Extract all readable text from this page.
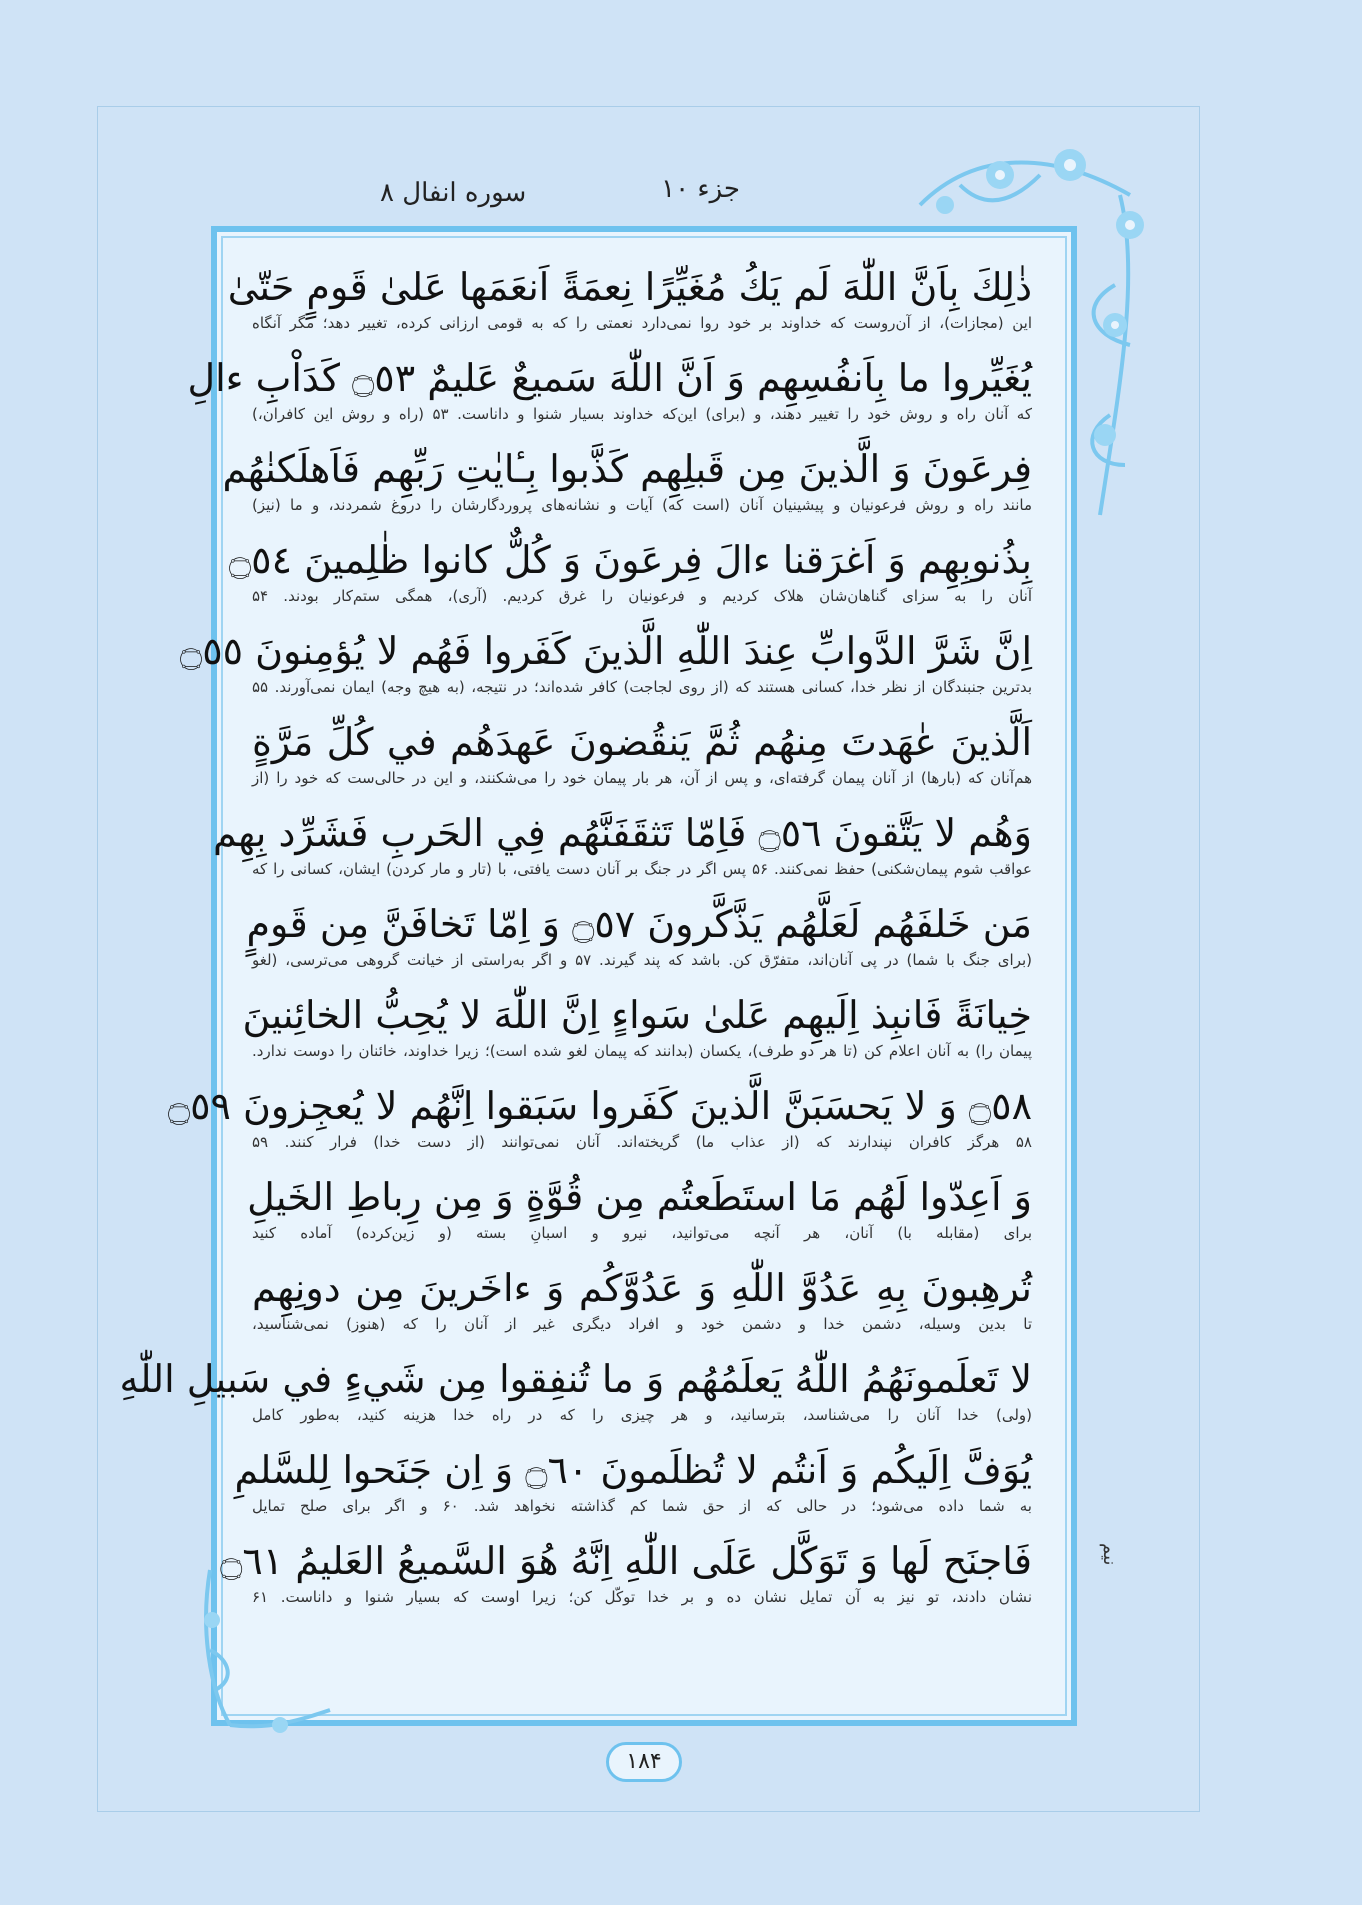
جزء ۱۰
سوره انفال ۸
ذٰلِكَ بِاَنَّ اللّٰهَ لَم يَكُ مُغَيِّرًا نِعمَةً اَنعَمَها عَلىٰ قَومٍ حَتّىٰ
این (مجازات)، از آن‌روست که خداوند بر خود روا نمی‌دارد نعمتی را که به قومی ارزانی کرده، تغییر دهد؛ مگر آنگاه
يُغَيِّروا ما بِاَنفُسِهِم وَ اَنَّ اللّٰهَ سَميعٌ عَليمٌ ۝٥٣ كَدَاْبِ ءالِ
که آنان راه و روش خود را تغییر دهند، و (برای) این‌که خداوند بسیار شنوا و داناست. ۵۳ (راه و روش این کافران،)
فِرعَونَ وَ الَّذينَ مِن قَبلِهِم كَذَّبوا بِـٔايٰتِ رَبِّهِم فَاَهلَكنٰهُم
مانند راه و روش فرعونیان و پیشینیان آنان (است که) آیات و نشانه‌های پروردگارشان را دروغ شمردند، و ما (نیز)
بِذُنوبِهِم وَ اَغرَقنا ءالَ فِرعَونَ وَ كُلٌّ كانوا ظٰلِمينَ ۝٥٤
آنان را به سزای گناهان‌شان هلاک کردیم و فرعونیان را غرق کردیم. (آری)، همگی ستم‌کار بودند. ۵۴
اِنَّ شَرَّ الدَّوابِّ عِندَ اللّٰهِ الَّذينَ كَفَروا فَهُم لا يُؤمِنونَ ۝٥٥
بدترین جنبندگان از نظر خدا، کسانی هستند که (از روی لجاجت) کافر شده‌اند؛ در نتیجه، (به هیچ وجه) ایمان نمی‌آورند. ۵۵
اَلَّذينَ عٰهَدتَ مِنهُم ثُمَّ يَنقُضونَ عَهدَهُم في كُلِّ مَرَّةٍ
هم‌آنان که (بارها) از آنان پیمان گرفته‌ای، و پس از آن، هر بار پیمان خود را می‌شکنند، و این در حالی‌ست که خود را (از
وَهُم لا يَتَّقونَ ۝٥٦ فَاِمّا تَثقَفَنَّهُم فِي الحَربِ فَشَرِّد بِهِم
عواقب شوم پیمان‌شکنی) حفظ نمی‌کنند. ۵۶ پس اگر در جنگ بر آنان دست یافتی، با (تار و مار کردن) ایشان، کسانی را که
مَن خَلفَهُم لَعَلَّهُم يَذَّكَّرونَ ۝٥٧ وَ اِمّا تَخافَنَّ مِن قَومٍ
(برای جنگ با شما) در پی آنان‌اند، متفرّق کن. باشد که پند گیرند. ۵۷ و اگر به‌راستی از خیانت گروهی می‌ترسی، (لغو
خِيانَةً فَانبِذ اِلَيهِم عَلىٰ سَواءٍ اِنَّ اللّٰهَ لا يُحِبُّ الخائِنينَ
پیمان را) به آنان اعلام کن (تا هر دو طرف)، یکسان (بدانند که پیمان لغو شده است)؛ زیرا خداوند، خائنان را دوست ندارد.
۝٥٨ وَ لا يَحسَبَنَّ الَّذينَ كَفَروا سَبَقوا اِنَّهُم لا يُعجِزونَ ۝٥٩
۵۸ هرگز کافران نپندارند که (از عذاب ما) گریخته‌اند. آنان نمی‌توانند (از دست خدا) فرار کنند. ۵۹
وَ اَعِدّوا لَهُم مَا استَطَعتُم مِن قُوَّةٍ وَ مِن رِباطِ الخَيلِ
برای (مقابله با) آنان، هر آنچه می‌توانید، نیرو و اسبانِ بسته (و زین‌کرده) آماده کنید
تُرهِبونَ بِهِ عَدُوَّ اللّٰهِ وَ عَدُوَّكُم وَ ءاخَرينَ مِن دونِهِم
تا بدین وسیله، دشمن خدا و دشمن خود و افراد دیگری غیر از آنان را که (هنوز) نمی‌شناسید،
لا تَعلَمونَهُمُ اللّٰهُ يَعلَمُهُم وَ ما تُنفِقوا مِن شَيءٍ في سَبيلِ اللّٰهِ
(ولی) خدا آنان را می‌شناسد، بترسانید، و هر چیزی را که در راه خدا هزینه کنید، به‌طور کامل
يُوَفَّ اِلَيكُم وَ اَنتُم لا تُظلَمونَ ۝٦٠ وَ اِن جَنَحوا لِلسَّلمِ
به شما داده می‌شود؛ در حالی که از حق شما کم گذاشته نخواهد شد. ۶۰ و اگر برای صلح تمایل
فَاجنَح لَها وَ تَوَكَّل عَلَى اللّٰهِ اِنَّهُ هُوَ السَّميعُ العَليمُ ۝٦١
نشان دادند، تو نیز به آن تمایل نشان ده و بر خدا توکّل کن؛ زیرا اوست که بسیار شنوا و داناست. ۶۱
نیم
۱۸۴
